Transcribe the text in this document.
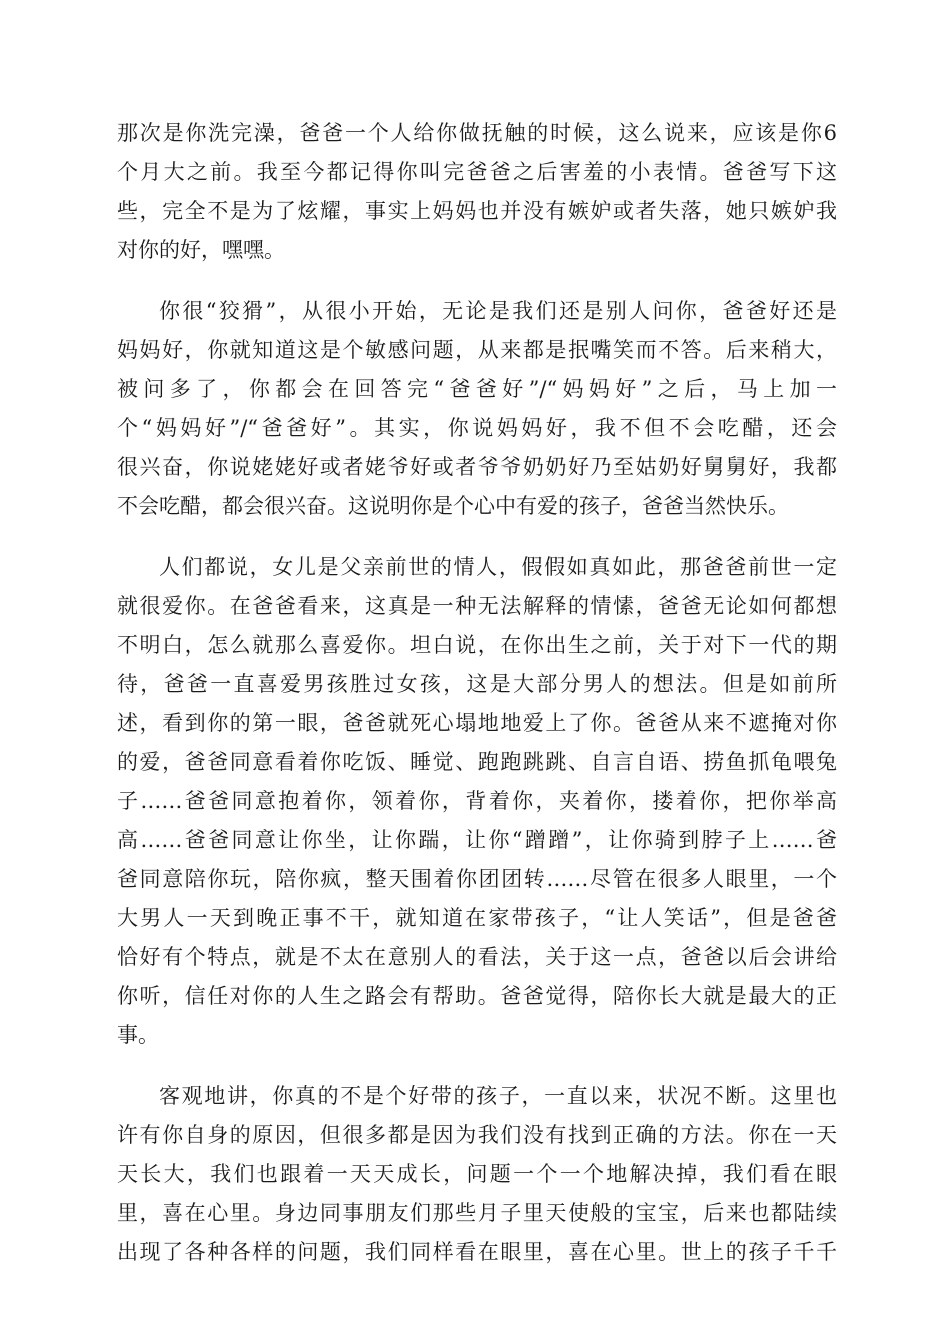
那次是你洗完澡，爸爸一个人给你做抚触的时候，这么说来，应该是你6
个月大之前。我至今都记得你叫完爸爸之后害羞的小表情。爸爸写下这
些，完全不是为了炫耀，事实上妈妈也并没有嫉妒或者失落，她只嫉妒我
对你的好，嘿嘿。
你很“狡猾”，从很小开始，无论是我们还是别人问你，爸爸好还是
妈妈好，你就知道这是个敏感问题，从来都是抿嘴笑而不答。后来稍大，
被问多了，你都会在回答完“爸爸好”/“妈妈好”之后，马上加一
个“妈妈好”/“爸爸好”。其实，你说妈妈好，我不但不会吃醋，还会
很兴奋，你说姥姥好或者姥爷好或者爷爷奶奶好乃至姑奶好舅舅好，我都
不会吃醋，都会很兴奋。这说明你是个心中有爱的孩子，爸爸当然快乐。
人们都说，女儿是父亲前世的情人，假假如真如此，那爸爸前世一定
就很爱你。在爸爸看来，这真是一种无法解释的情愫，爸爸无论如何都想
不明白，怎么就那么喜爱你。坦白说，在你出生之前，关于对下一代的期
待，爸爸一直喜爱男孩胜过女孩，这是大部分男人的想法。但是如前所
述，看到你的第一眼，爸爸就死心塌地地爱上了你。爸爸从来不遮掩对你
的爱，爸爸同意看着你吃饭、睡觉、跑跑跳跳、自言自语、捞鱼抓龟喂兔
子……爸爸同意抱着你，领着你，背着你，夹着你，搂着你，把你举高
高……爸爸同意让你坐，让你踹，让你“蹭蹭”，让你骑到脖子上……爸
爸同意陪你玩，陪你疯，整天围着你团团转……尽管在很多人眼里，一个
大男人一天到晚正事不干，就知道在家带孩子，“让人笑话”，但是爸爸
恰好有个特点，就是不太在意别人的看法，关于这一点，爸爸以后会讲给
你听，信任对你的人生之路会有帮助。爸爸觉得，陪你长大就是最大的正
事。
客观地讲，你真的不是个好带的孩子，一直以来，状况不断。这里也
许有你自身的原因，但很多都是因为我们没有找到正确的方法。你在一天
天长大，我们也跟着一天天成长，问题一个一个地解决掉，我们看在眼
里，喜在心里。身边同事朋友们那些月子里天使般的宝宝，后来也都陆续
出现了各种各样的问题，我们同样看在眼里，喜在心里。世上的孩子千千
